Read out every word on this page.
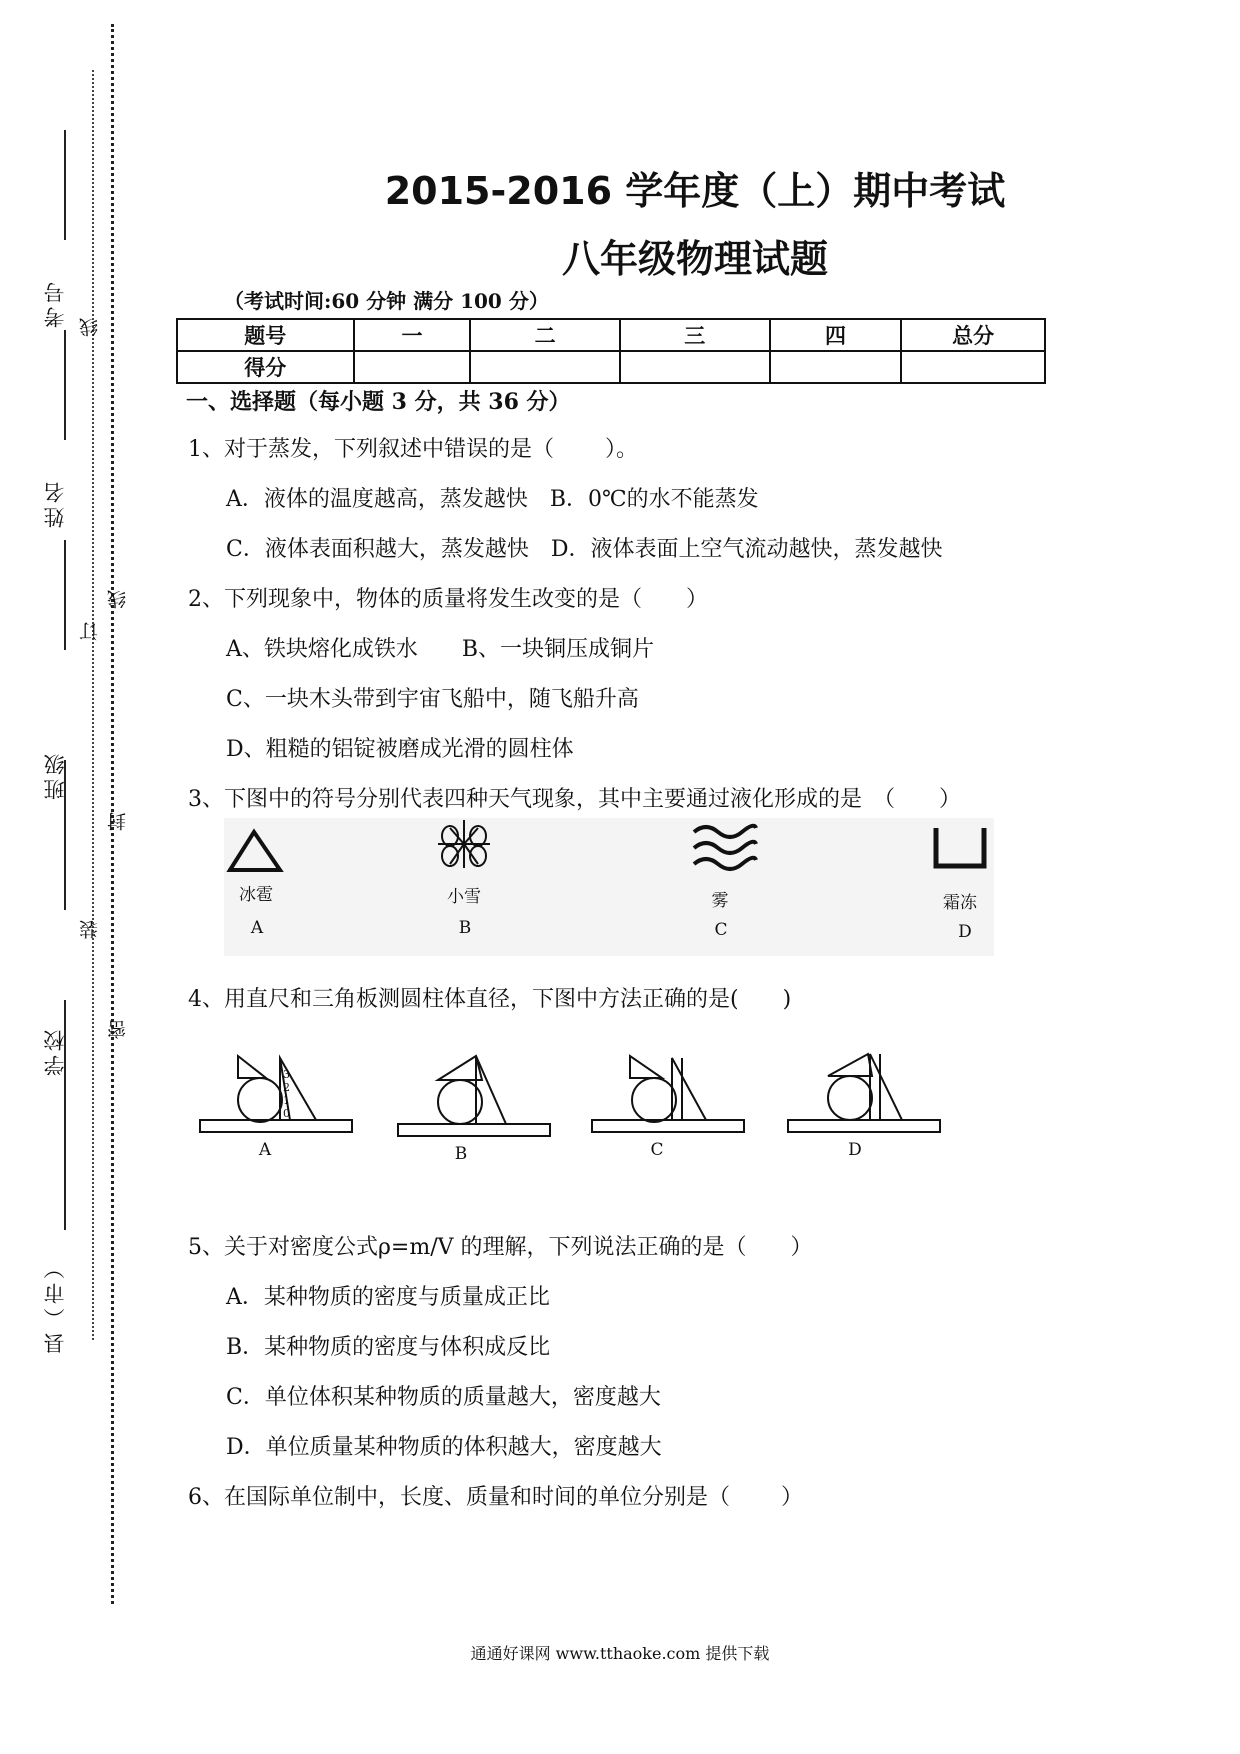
考号
姓名
班级
学校
县（市）
线
订
线
封
装
密
2015-2016 学年度（上）期中考试
八年级物理试题
（考试时间:60 分钟 满分 100 分）
题号	一	二	三	四	总分
得分					
一、选择题（每小题 3 分，共 36 分）
1、对于蒸发，下列叙述中错误的是（　　 ）。
A．液体的温度越高，蒸发越快　B．0℃的水不能蒸发
C．液体表面积越大，蒸发越快　D．液体表面上空气流动越快，蒸发越快
2、下列现象中，物体的质量将发生改变的是（　　）
A、铁块熔化成铁水　　B、一块铜压成铜片
C、一块木头带到宇宙飞船中，随飞船升高
D、粗糙的铝锭被磨成光滑的圆柱体
3、下图中的符号分别代表四种天气现象，其中主要通过液化形成的是　（　　）
冰雹	小雪	雾	霜冻
A	B	C	D
4、用直尺和三角板测圆柱体直径，下图中方法正确的是(　　)
A	B	C	D
3
2
1
0
5、关于对密度公式ρ=m/V 的理解，下列说法正确的是（　　）
A．某种物质的密度与质量成正比
B．某种物质的密度与体积成反比
C．单位体积某种物质的质量越大，密度越大
D．单位质量某种物质的体积越大，密度越大
6、在国际单位制中，长度、质量和时间的单位分别是（　　 ）
通通好课网 www.tthaoke.com 提供下载
